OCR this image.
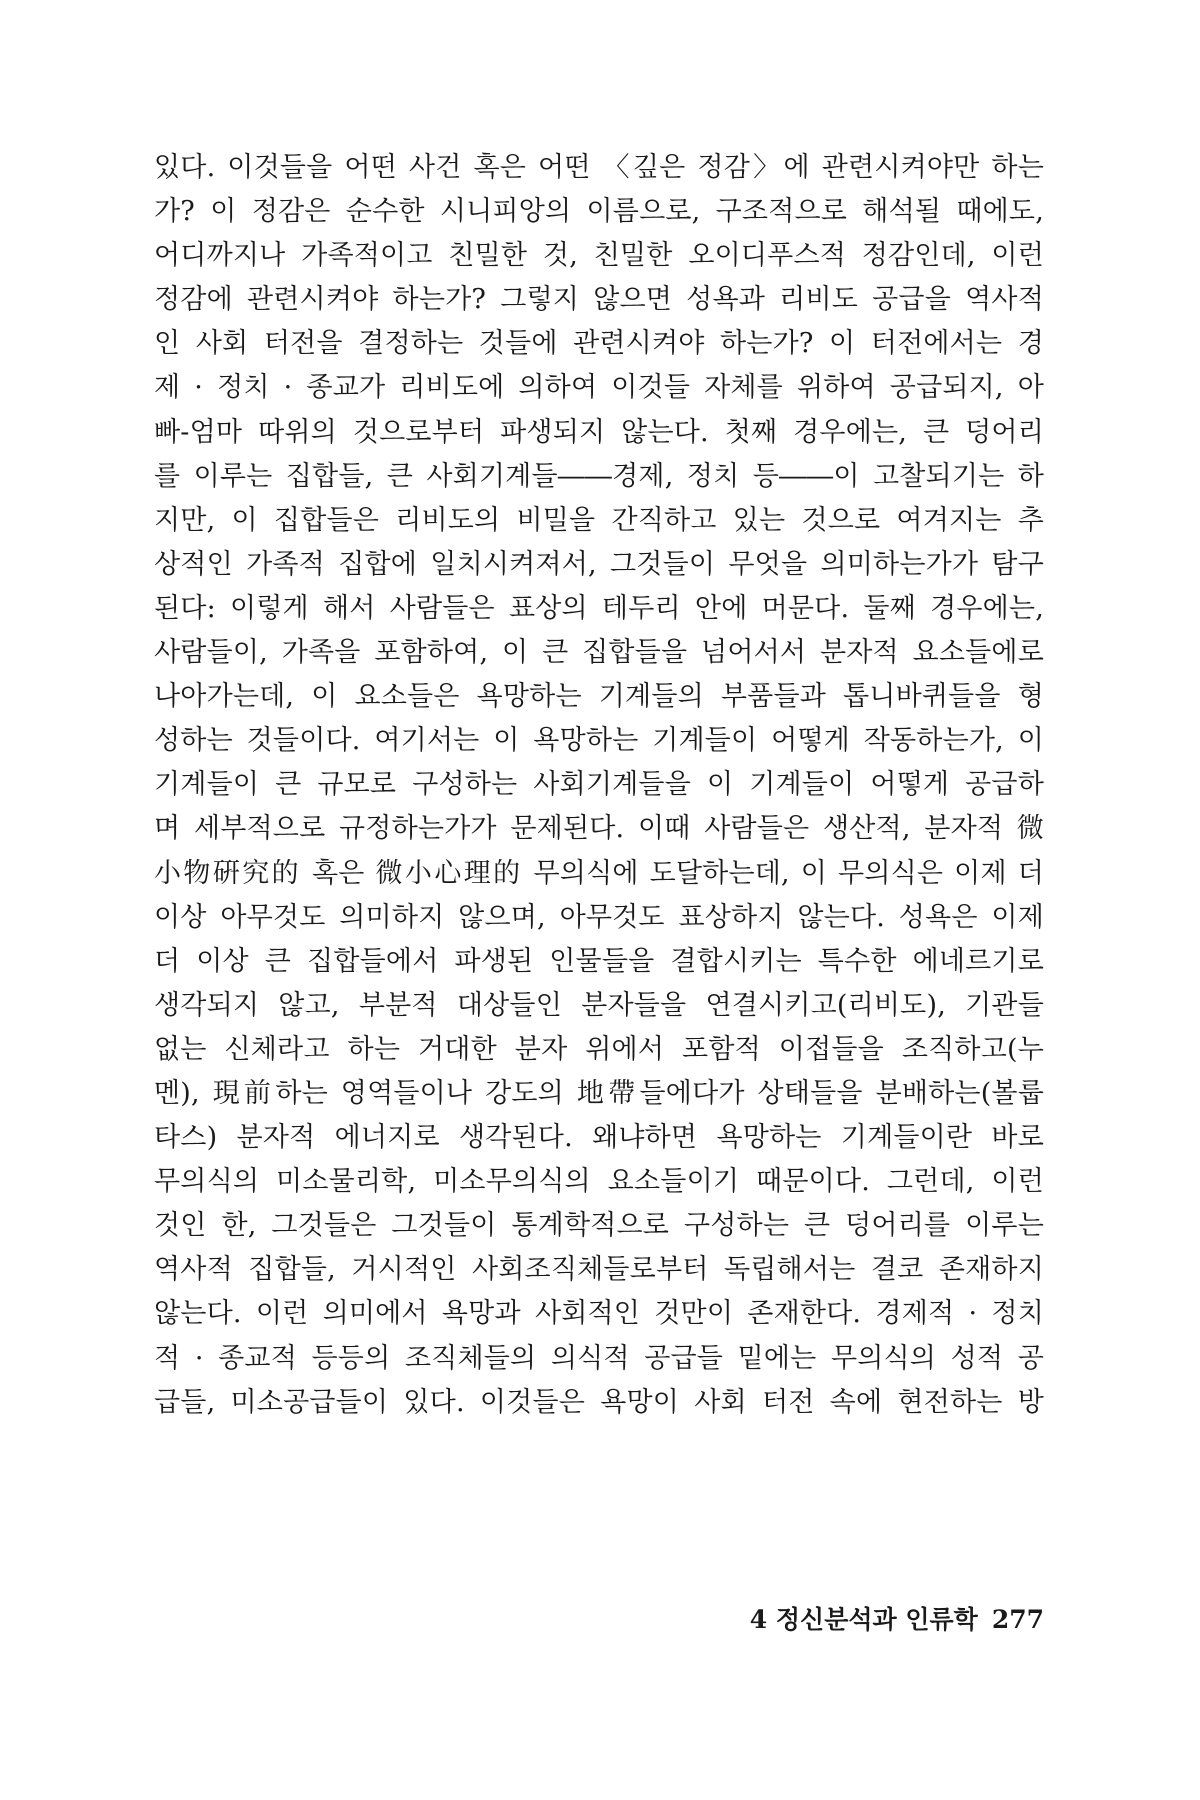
있다. 이것들을 어떤 사건 혹은 어떤 〈깊은 정감〉에 관련시켜야만 하는
가? 이 정감은 순수한 시니피앙의 이름으로, 구조적으로 해석될 때에도,
어디까지나 가족적이고 친밀한 것, 친밀한 오이디푸스적 정감인데, 이런
정감에 관련시켜야 하는가? 그렇지 않으면 성욕과 리비도 공급을 역사적
인 사회 터전을 결정하는 것들에 관련시켜야 하는가? 이 터전에서는 경
제 · 정치 · 종교가 리비도에 의하여 이것들 자체를 위하여 공급되지, 아
빠-엄마 따위의 것으로부터 파생되지 않는다. 첫째 경우에는, 큰 덩어리
를 이루는 집합들, 큰 사회기계들――경제, 정치 등――이 고찰되기는 하
지만, 이 집합들은 리비도의 비밀을 간직하고 있는 것으로 여겨지는 추
상적인 가족적 집합에 일치시켜져서, 그것들이 무엇을 의미하는가가 탐구
된다: 이렇게 해서 사람들은 표상의 테두리 안에 머문다. 둘째 경우에는,
사람들이, 가족을 포함하여, 이 큰 집합들을 넘어서서 분자적 요소들에로
나아가는데, 이 요소들은 욕망하는 기계들의 부품들과 톱니바퀴들을 형
성하는 것들이다. 여기서는 이 욕망하는 기계들이 어떻게 작동하는가, 이
기계들이 큰 규모로 구성하는 사회기계들을 이 기계들이 어떻게 공급하
며 세부적으로 규정하는가가 문제된다. 이때 사람들은 생산적, 분자적 微
小物硏究的 혹은 微小心理的 무의식에 도달하는데, 이 무의식은 이제 더
이상 아무것도 의미하지 않으며, 아무것도 표상하지 않는다. 성욕은 이제
더 이상 큰 집합들에서 파생된 인물들을 결합시키는 특수한 에네르기로
생각되지 않고, 부분적 대상들인 분자들을 연결시키고(리비도), 기관들
없는 신체라고 하는 거대한 분자 위에서 포함적 이접들을 조직하고(누
멘), 現前하는 영역들이나 강도의 地帶들에다가 상태들을 분배하는(볼룹
타스) 분자적 에너지로 생각된다. 왜냐하면 욕망하는 기계들이란 바로
무의식의 미소물리학, 미소무의식의 요소들이기 때문이다. 그런데, 이런
것인 한, 그것들은 그것들이 통계학적으로 구성하는 큰 덩어리를 이루는
역사적 집합들, 거시적인 사회조직체들로부터 독립해서는 결코 존재하지
않는다. 이런 의미에서 욕망과 사회적인 것만이 존재한다. 경제적 · 정치
적 · 종교적 등등의 조직체들의 의식적 공급들 밑에는 무의식의 성적 공
급들, 미소공급들이 있다. 이것들은 욕망이 사회 터전 속에 현전하는 방
4 정신분석과 인류학 277
